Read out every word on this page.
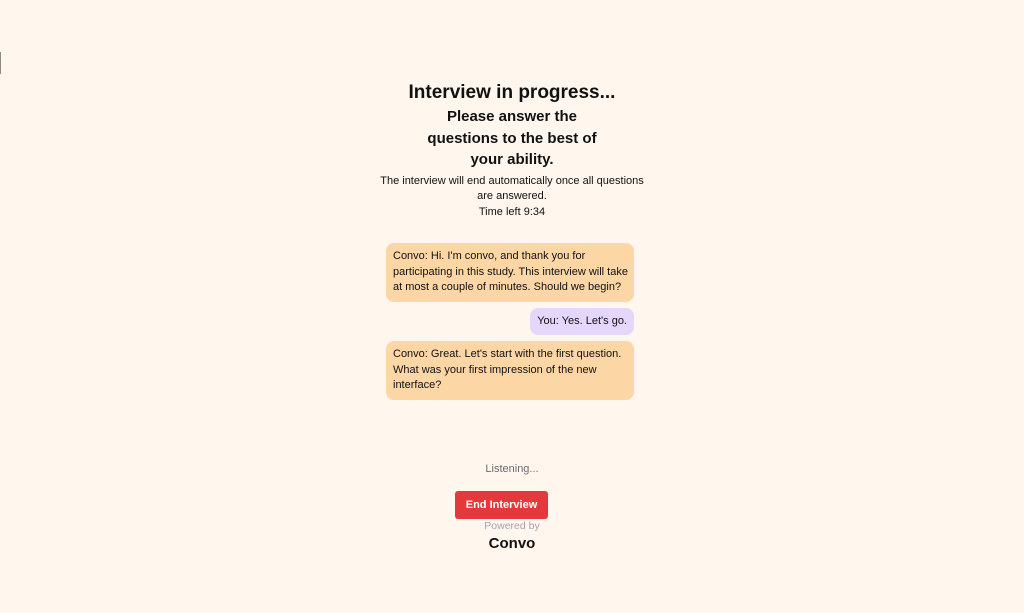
Interview in progress...

Please answer the questions to the best of your ability.

The interview will end automatically once all questions are answered.

Time left 9:34

Convo: Hi. I'm convo, and thank you for participating in this study. This interview will take at most a couple of minutes. Should we begin?
You: Yes. Let's go.
Convo: Great. Let's start with the first question. What was your first impression of the new interface?
Listening...
End Interview
Powered by
Convo
